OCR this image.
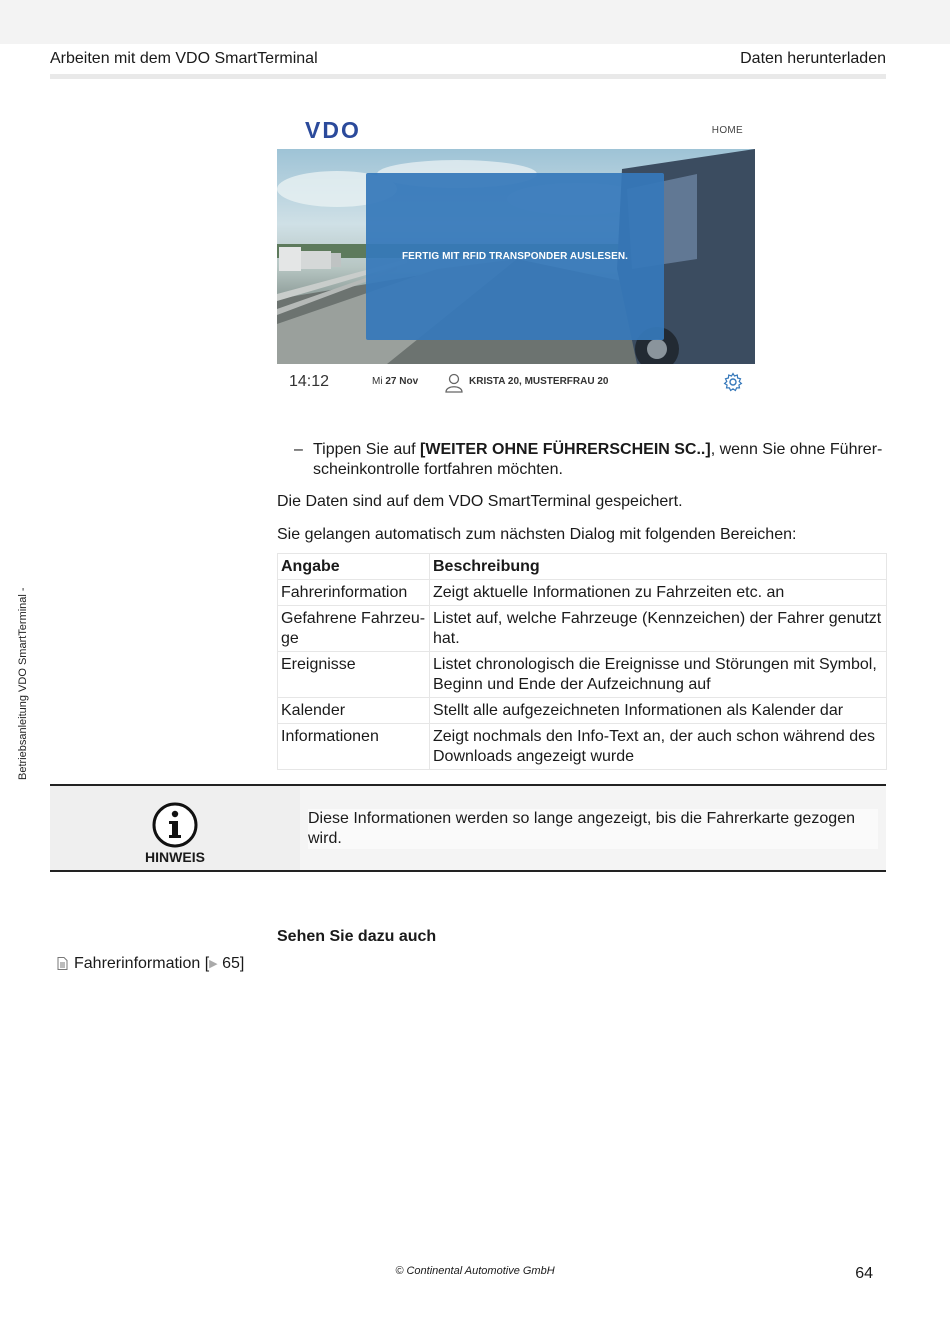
Arbeiten mit dem VDO SmartTerminal	Daten herunterladen
Betriebsanleitung VDO SmartTerminal -
VDO	HOME
FERTIG MIT RFID TRANSPONDER AUSLESEN.
14:12	Mi 27 Nov	KRISTA 20, MUSTERFRAU 20
– Tippen Sie auf [WEITER OHNE FÜHRERSCHEIN SC..], wenn Sie ohne Führer-scheinkontrolle fortfahren möchten.
Die Daten sind auf dem VDO SmartTerminal gespeichert.
Sie gelangen automatisch zum nächsten Dialog mit folgenden Bereichen:
Angabe	Beschreibung
Fahrerinformation	Zeigt aktuelle Informationen zu Fahrzeiten etc. an
Gefahrene Fahrzeu-ge	Listet auf, welche Fahrzeuge (Kennzeichen) der Fahrer genutzt hat.
Ereignisse	Listet chronologisch die Ereignisse und Störungen mit Symbol, Beginn und Ende der Aufzeichnung auf
Kalender	Stellt alle aufgezeichneten Informationen als Kalender dar
Informationen	Zeigt nochmals den Info-Text an, der auch schon während des Downloads angezeigt wurde
HINWEIS
Diese Informationen werden so lange angezeigt, bis die Fahrerkarte gezogen wird.
Sehen Sie dazu auch
Fahrerinformation [▶ 65]
© Continental Automotive GmbH	64
